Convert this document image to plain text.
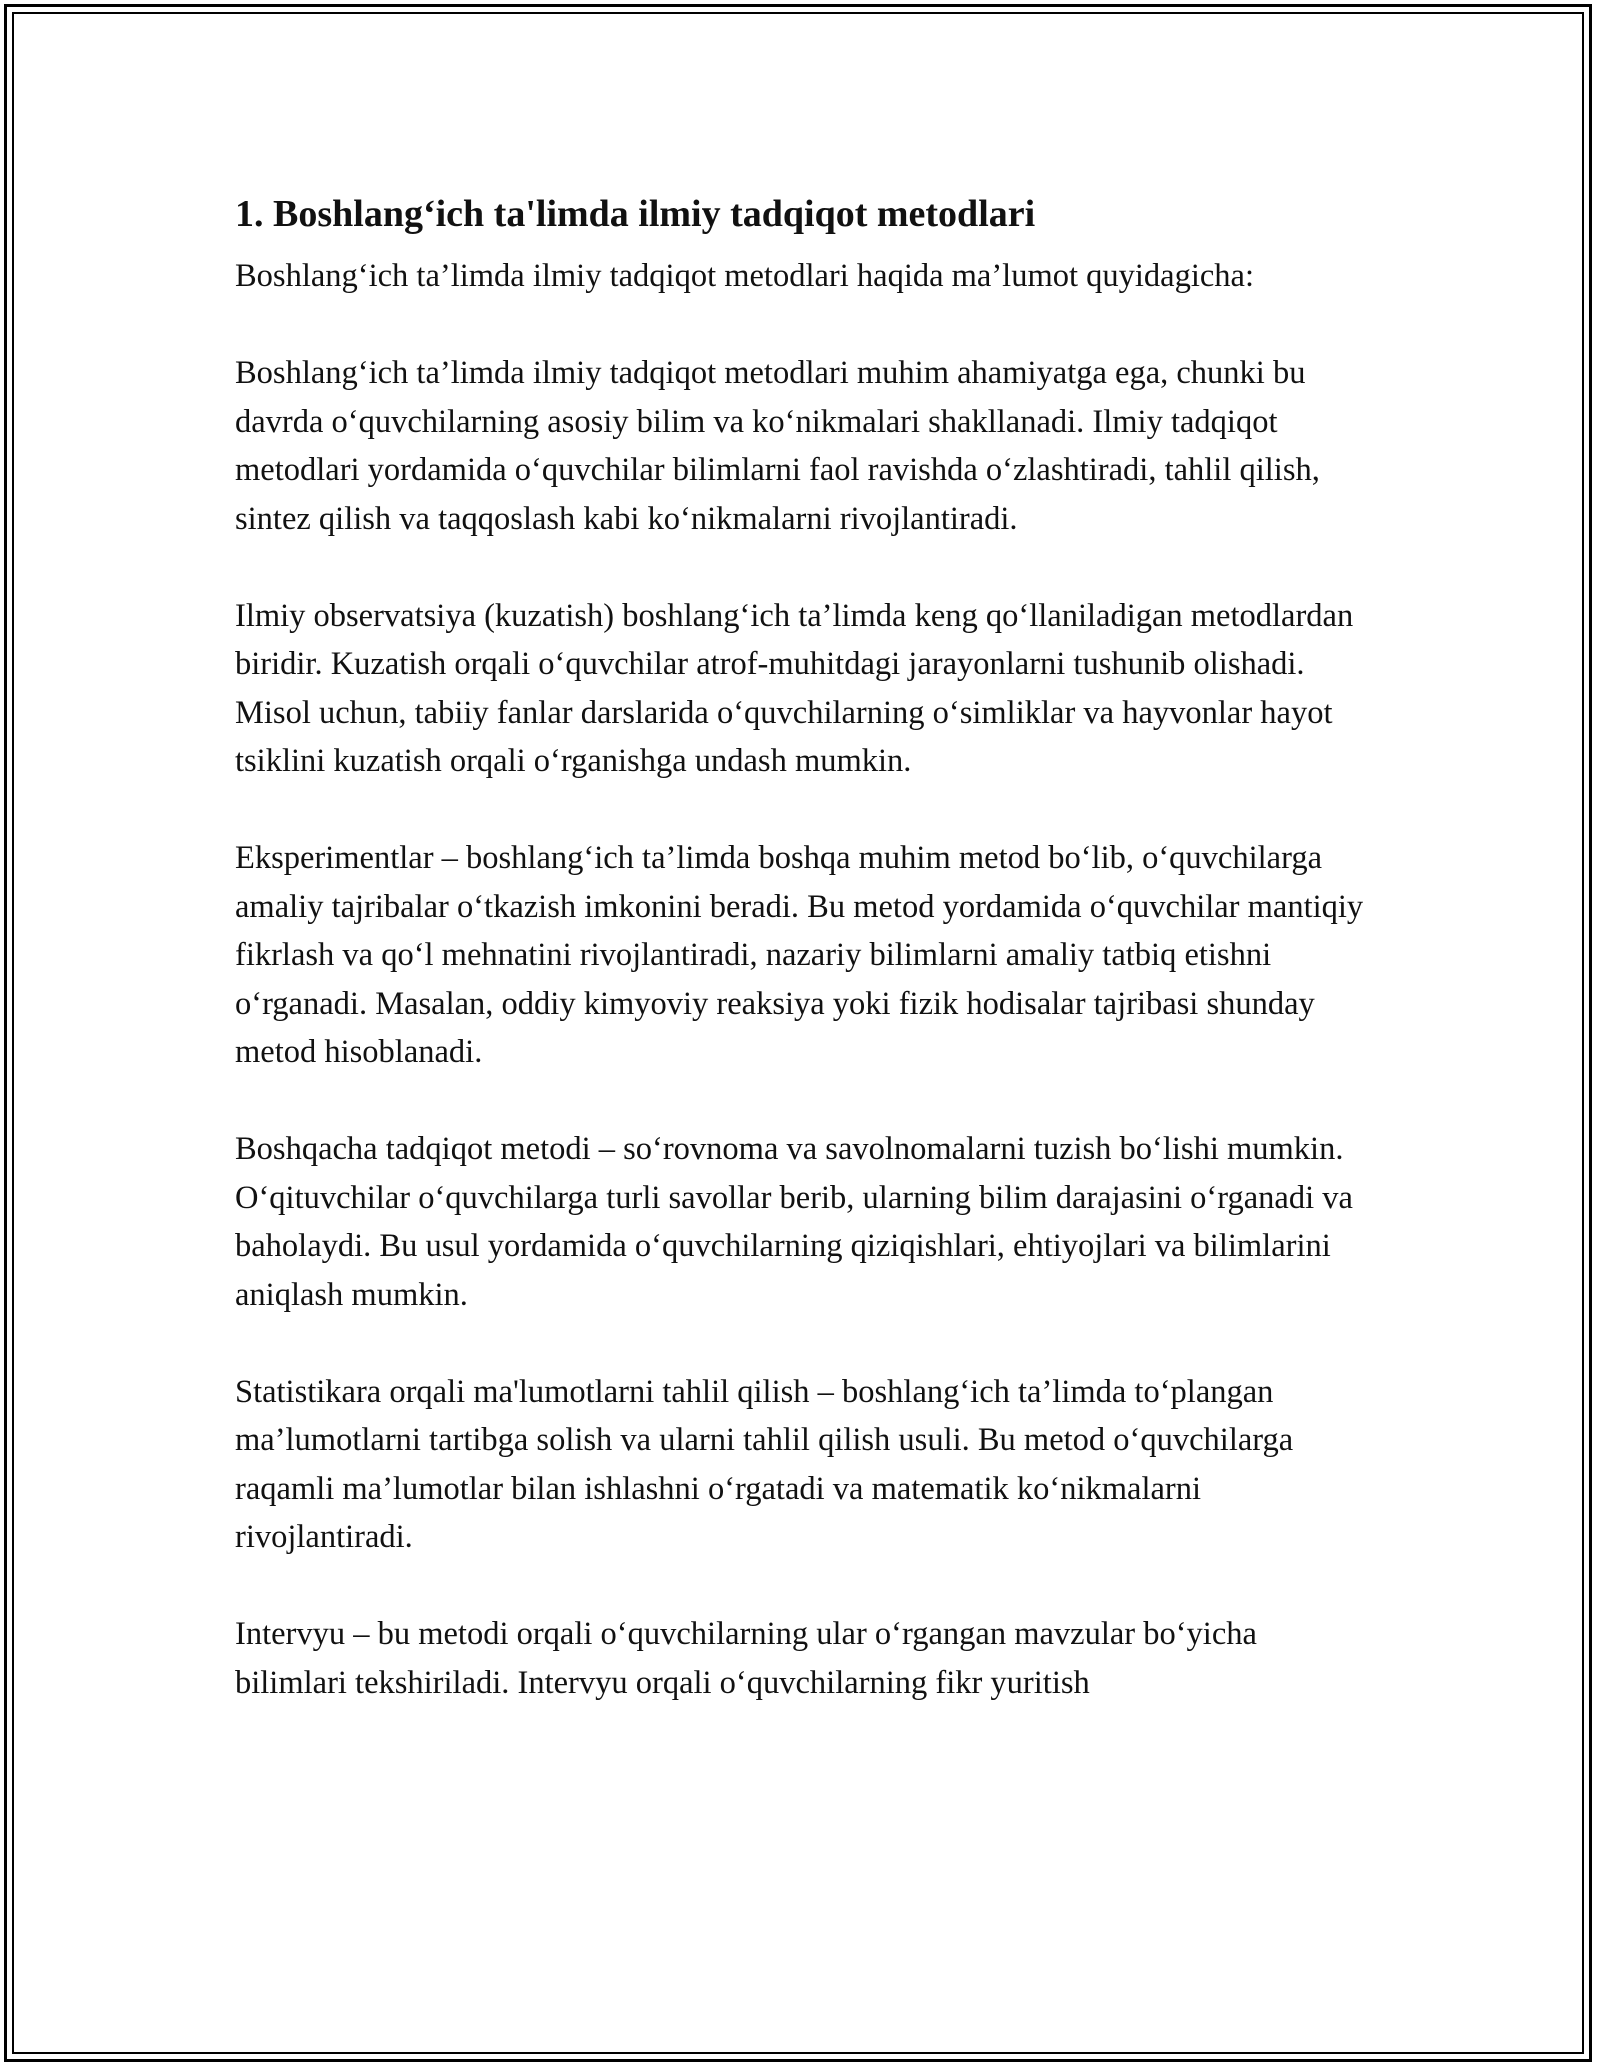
1. Boshlang‘ich ta'limda ilmiy tadqiqot metodlari

Boshlang‘ich ta’limda ilmiy tadqiqot metodlari haqida ma’lumot quyidagicha:

Boshlang‘ich ta’limda ilmiy tadqiqot metodlari muhim ahamiyatga ega, chunki bu davrda o‘quvchilarning asosiy bilim va ko‘nikmalari shakllanadi. Ilmiy tadqiqot metodlari yordamida o‘quvchilar bilimlarni faol ravishda o‘zlashtiradi, tahlil qilish, sintez qilish va taqqoslash kabi ko‘nikmalarni rivojlantiradi.

Ilmiy observatsiya (kuzatish) boshlang‘ich ta’limda keng qo‘llaniladigan metodlardan biridir. Kuzatish orqali o‘quvchilar atrof-muhitdagi jarayonlarni tushunib olishadi. Misol uchun, tabiiy fanlar darslarida o‘quvchilarning o‘simliklar va hayvonlar hayot tsiklini kuzatish orqali o‘rganishga undash mumkin.

Eksperimentlar – boshlang‘ich ta’limda boshqa muhim metod bo‘lib, o‘quvchilarga amaliy tajribalar o‘tkazish imkonini beradi. Bu metod yordamida o‘quvchilar mantiqiy fikrlash va qo‘l mehnatini rivojlantiradi, nazariy bilimlarni amaliy tatbiq etishni o‘rganadi. Masalan, oddiy kimyoviy reaksiya yoki fizik hodisalar tajribasi shunday metod hisoblanadi.

Boshqacha tadqiqot metodi – so‘rovnoma va savolnomalarni tuzish bo‘lishi mumkin. O‘qituvchilar o‘quvchilarga turli savollar berib, ularning bilim darajasini o‘rganadi va baholaydi. Bu usul yordamida o‘quvchilarning qiziqishlari, ehtiyojlari va bilimlarini aniqlash mumkin.

Statistikara orqali ma'lumotlarni tahlil qilish – boshlang‘ich ta’limda to‘plangan ma’lumotlarni tartibga solish va ularni tahlil qilish usuli. Bu metod o‘quvchilarga raqamli ma’lumotlar bilan ishlashni o‘rgatadi va matematik ko‘nikmalarni rivojlantiradi.

Intervyu – bu metodi orqali o‘quvchilarning ular o‘rgangan mavzular bo‘yicha bilimlari tekshiriladi. Intervyu orqali o‘quvchilarning fikr yuritish
